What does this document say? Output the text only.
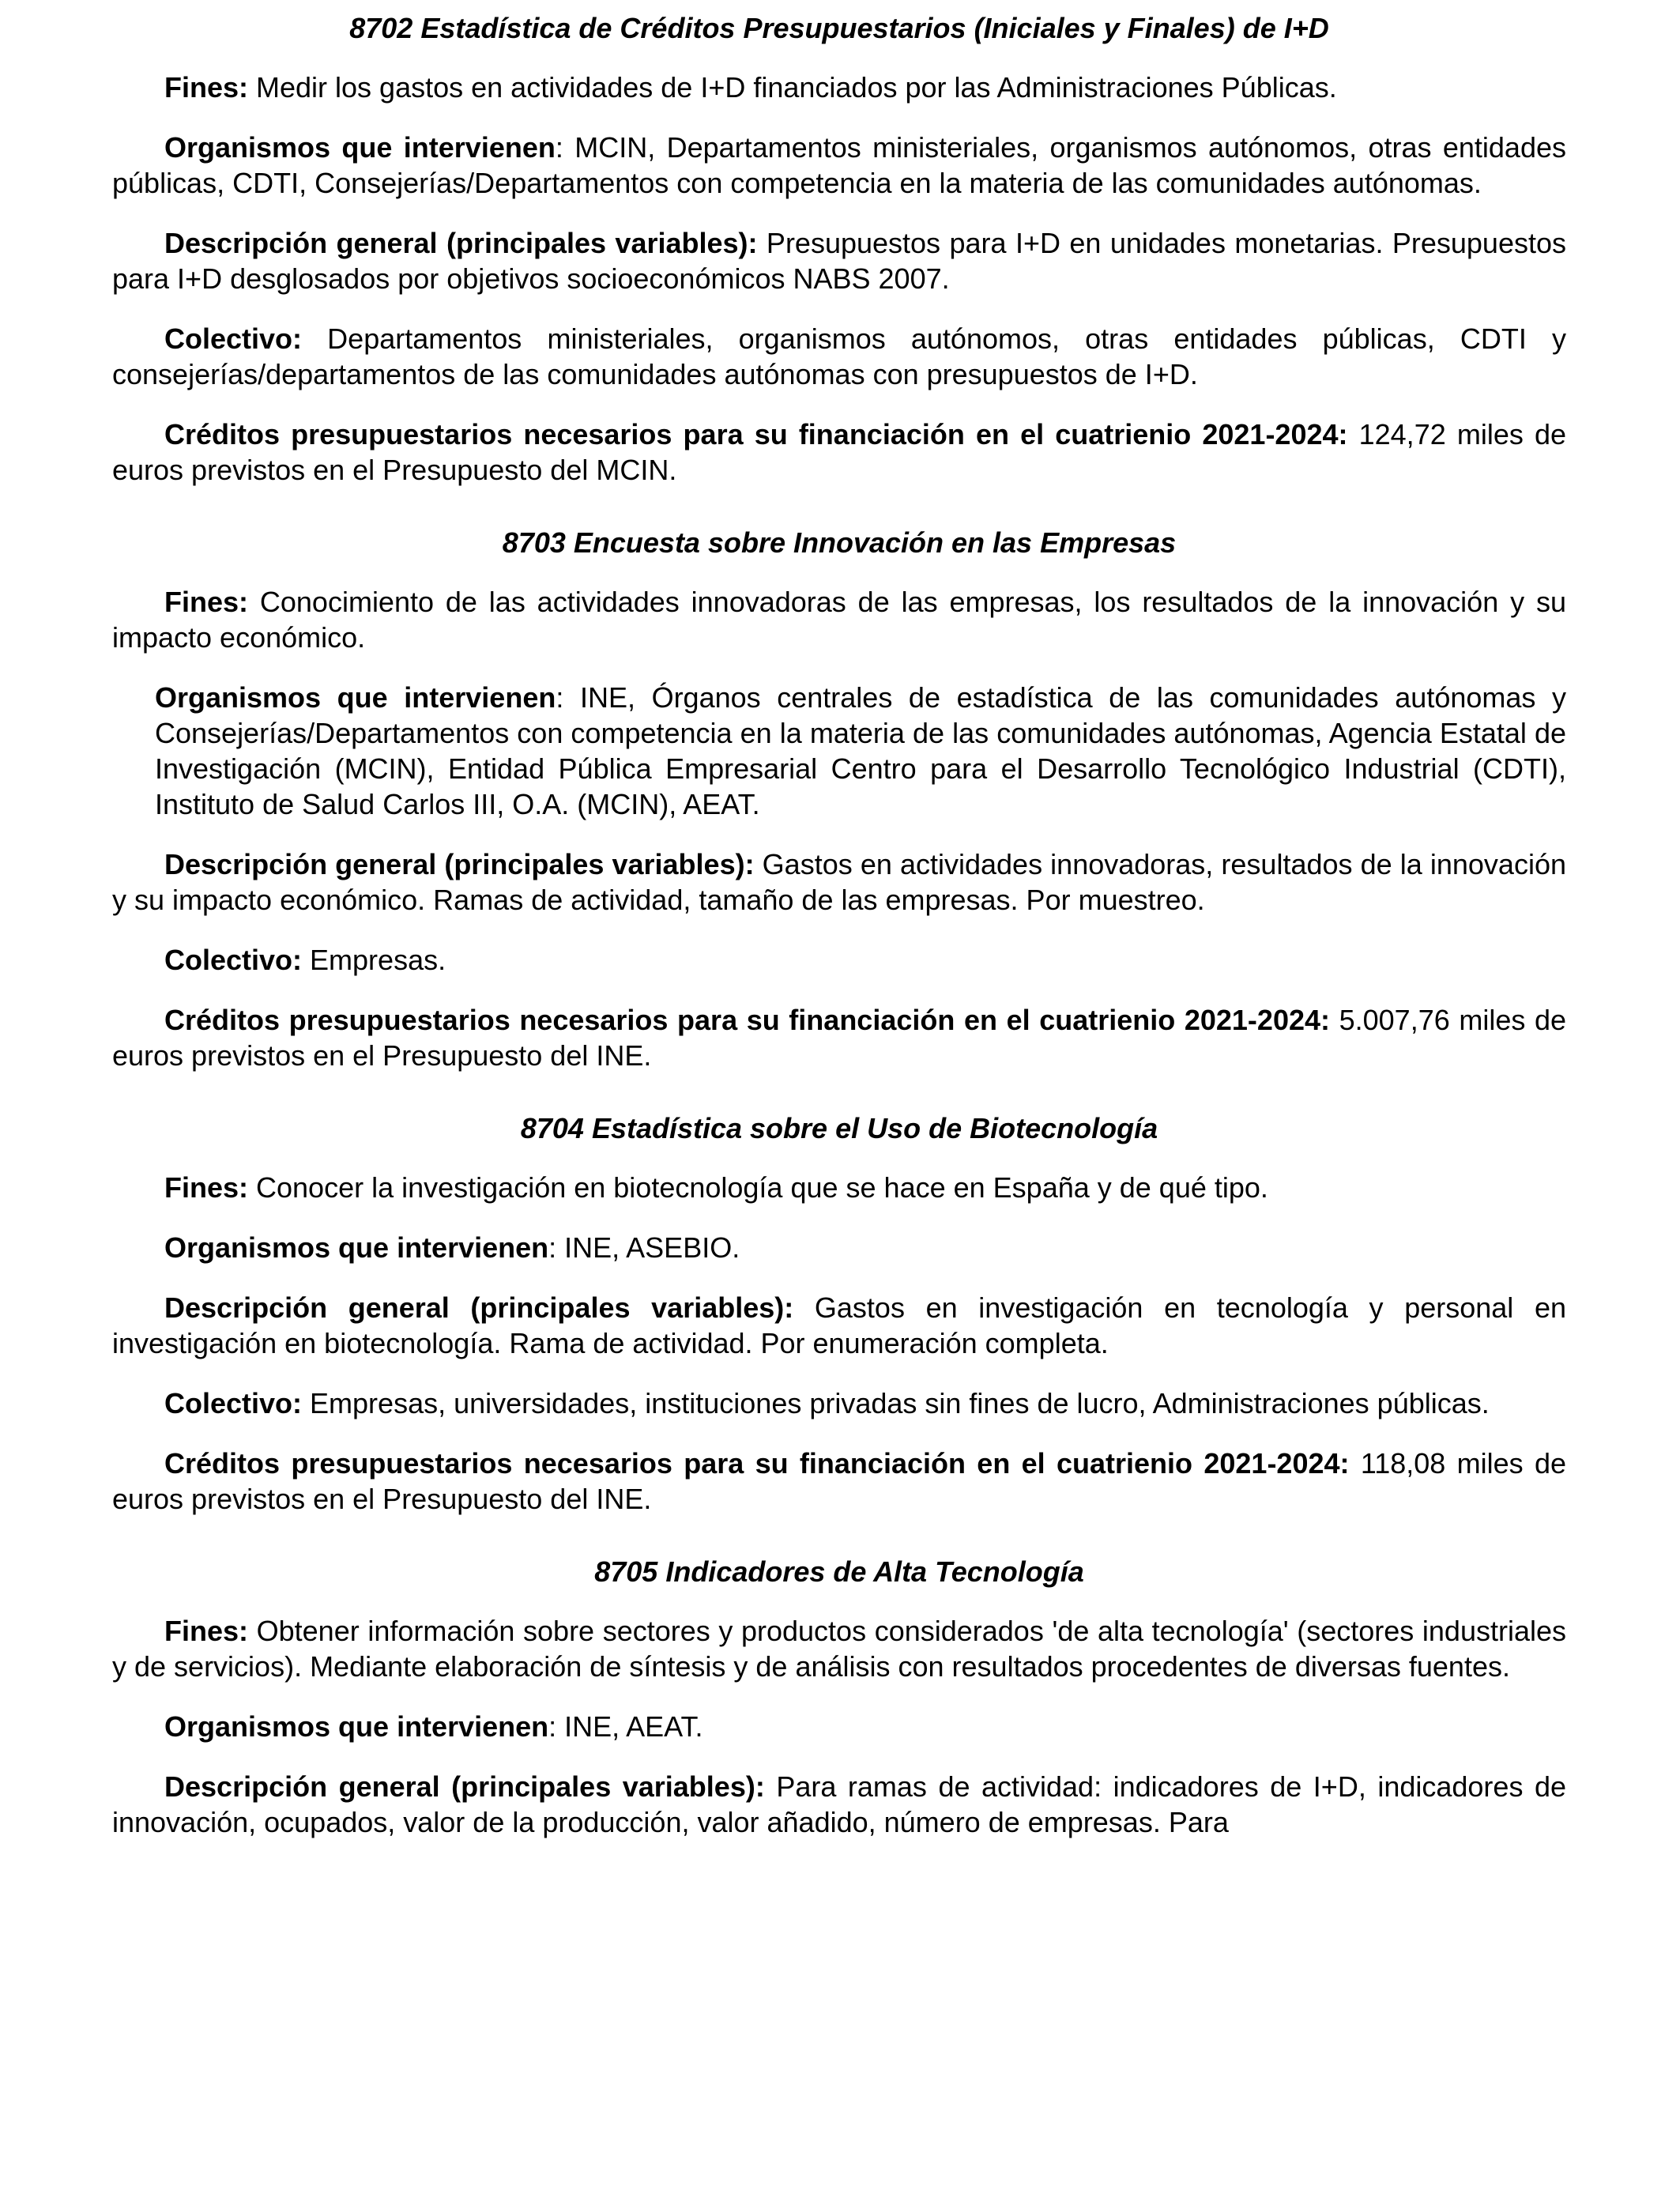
8702 Estadística de Créditos Presupuestarios (Iniciales y Finales) de I+D

Fines: Medir los gastos en actividades de I+D financiados por las Administraciones Públicas.

Organismos que intervienen: MCIN, Departamentos ministeriales, organismos autónomos, otras entidades públicas, CDTI, Consejerías/Departamentos con competencia en la materia de las comunidades autónomas.

Descripción general (principales variables): Presupuestos para I+D en unidades monetarias. Presupuestos para I+D desglosados por objetivos socioeconómicos NABS 2007.

Colectivo: Departamentos ministeriales, organismos autónomos, otras entidades públicas, CDTI y consejerías/departamentos de las comunidades autónomas con presupuestos de I+D.

Créditos presupuestarios necesarios para su financiación en el cuatrienio 2021-2024: 124,72 miles de euros previstos en el Presupuesto del MCIN.

8703 Encuesta sobre Innovación en las Empresas

Fines: Conocimiento de las actividades innovadoras de las empresas, los resultados de la innovación y su impacto económico.

Organismos que intervienen: INE, Órganos centrales de estadística de las comunidades autónomas y Consejerías/Departamentos con competencia en la materia de las comunidades autónomas, Agencia Estatal de Investigación (MCIN), Entidad Pública Empresarial Centro para el Desarrollo Tecnológico Industrial (CDTI), Instituto de Salud Carlos III, O.A. (MCIN), AEAT.

Descripción general (principales variables): Gastos en actividades innovadoras, resultados de la innovación y su impacto económico. Ramas de actividad, tamaño de las empresas. Por muestreo.

Colectivo: Empresas.

Créditos presupuestarios necesarios para su financiación en el cuatrienio 2021-2024: 5.007,76 miles de euros previstos en el Presupuesto del INE.

8704 Estadística sobre el Uso de Biotecnología

Fines: Conocer la investigación en biotecnología que se hace en España y de qué tipo.

Organismos que intervienen: INE, ASEBIO.

Descripción general (principales variables): Gastos en investigación en tecnología y personal en investigación en biotecnología. Rama de actividad. Por enumeración completa.

Colectivo: Empresas, universidades, instituciones privadas sin fines de lucro, Administraciones públicas.

Créditos presupuestarios necesarios para su financiación en el cuatrienio 2021-2024: 118,08 miles de euros previstos en el Presupuesto del INE.

8705 Indicadores de Alta Tecnología

Fines: Obtener información sobre sectores y productos considerados 'de alta tecnología' (sectores industriales y de servicios). Mediante elaboración de síntesis y de análisis con resultados procedentes de diversas fuentes.

Organismos que intervienen: INE, AEAT.

Descripción general (principales variables): Para ramas de actividad: indicadores de I+D, indicadores de innovación, ocupados, valor de la producción, valor añadido, número de empresas. Para
